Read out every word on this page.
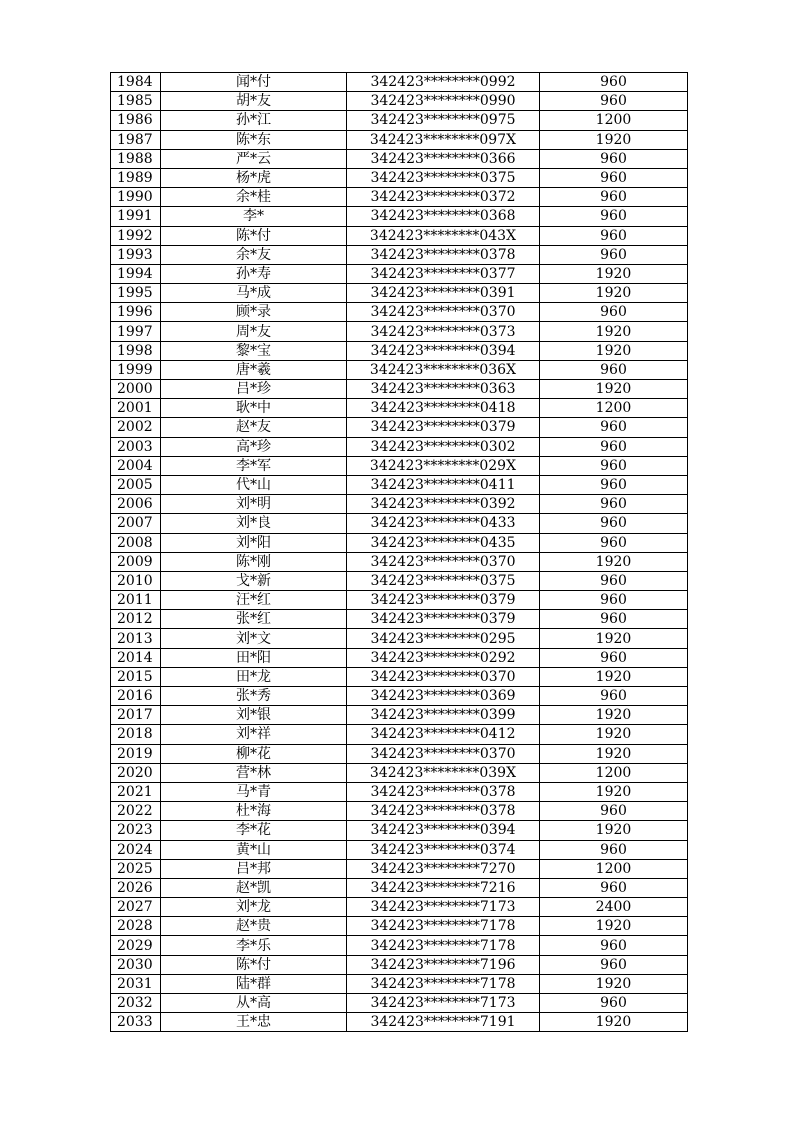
1984	闻*付	342423********0992	960
1985	胡*友	342423********0990	960
1986	孙*江	342423********0975	1200
1987	陈*东	342423********097X	1920
1988	严*云	342423********0366	960
1989	杨*虎	342423********0375	960
1990	余*桂	342423********0372	960
1991	李*	342423********0368	960
1992	陈*付	342423********043X	960
1993	余*友	342423********0378	960
1994	孙*寿	342423********0377	1920
1995	马*成	342423********0391	1920
1996	顾*录	342423********0370	960
1997	周*友	342423********0373	1920
1998	黎*宝	342423********0394	1920
1999	唐*羲	342423********036X	960
2000	吕*珍	342423********0363	1920
2001	耿*中	342423********0418	1200
2002	赵*友	342423********0379	960
2003	高*珍	342423********0302	960
2004	李*军	342423********029X	960
2005	代*山	342423********0411	960
2006	刘*明	342423********0392	960
2007	刘*良	342423********0433	960
2008	刘*阳	342423********0435	960
2009	陈*刚	342423********0370	1920
2010	戈*新	342423********0375	960
2011	汪*红	342423********0379	960
2012	张*红	342423********0379	960
2013	刘*文	342423********0295	1920
2014	田*阳	342423********0292	960
2015	田*龙	342423********0370	1920
2016	张*秀	342423********0369	960
2017	刘*银	342423********0399	1920
2018	刘*祥	342423********0412	1920
2019	柳*花	342423********0370	1920
2020	营*林	342423********039X	1200
2021	马*青	342423********0378	1920
2022	杜*海	342423********0378	960
2023	李*花	342423********0394	1920
2024	黄*山	342423********0374	960
2025	吕*邦	342423********7270	1200
2026	赵*凯	342423********7216	960
2027	刘*龙	342423********7173	2400
2028	赵*贵	342423********7178	1920
2029	李*乐	342423********7178	960
2030	陈*付	342423********7196	960
2031	陆*群	342423********7178	1920
2032	从*高	342423********7173	960
2033	王*忠	342423********7191	1920
